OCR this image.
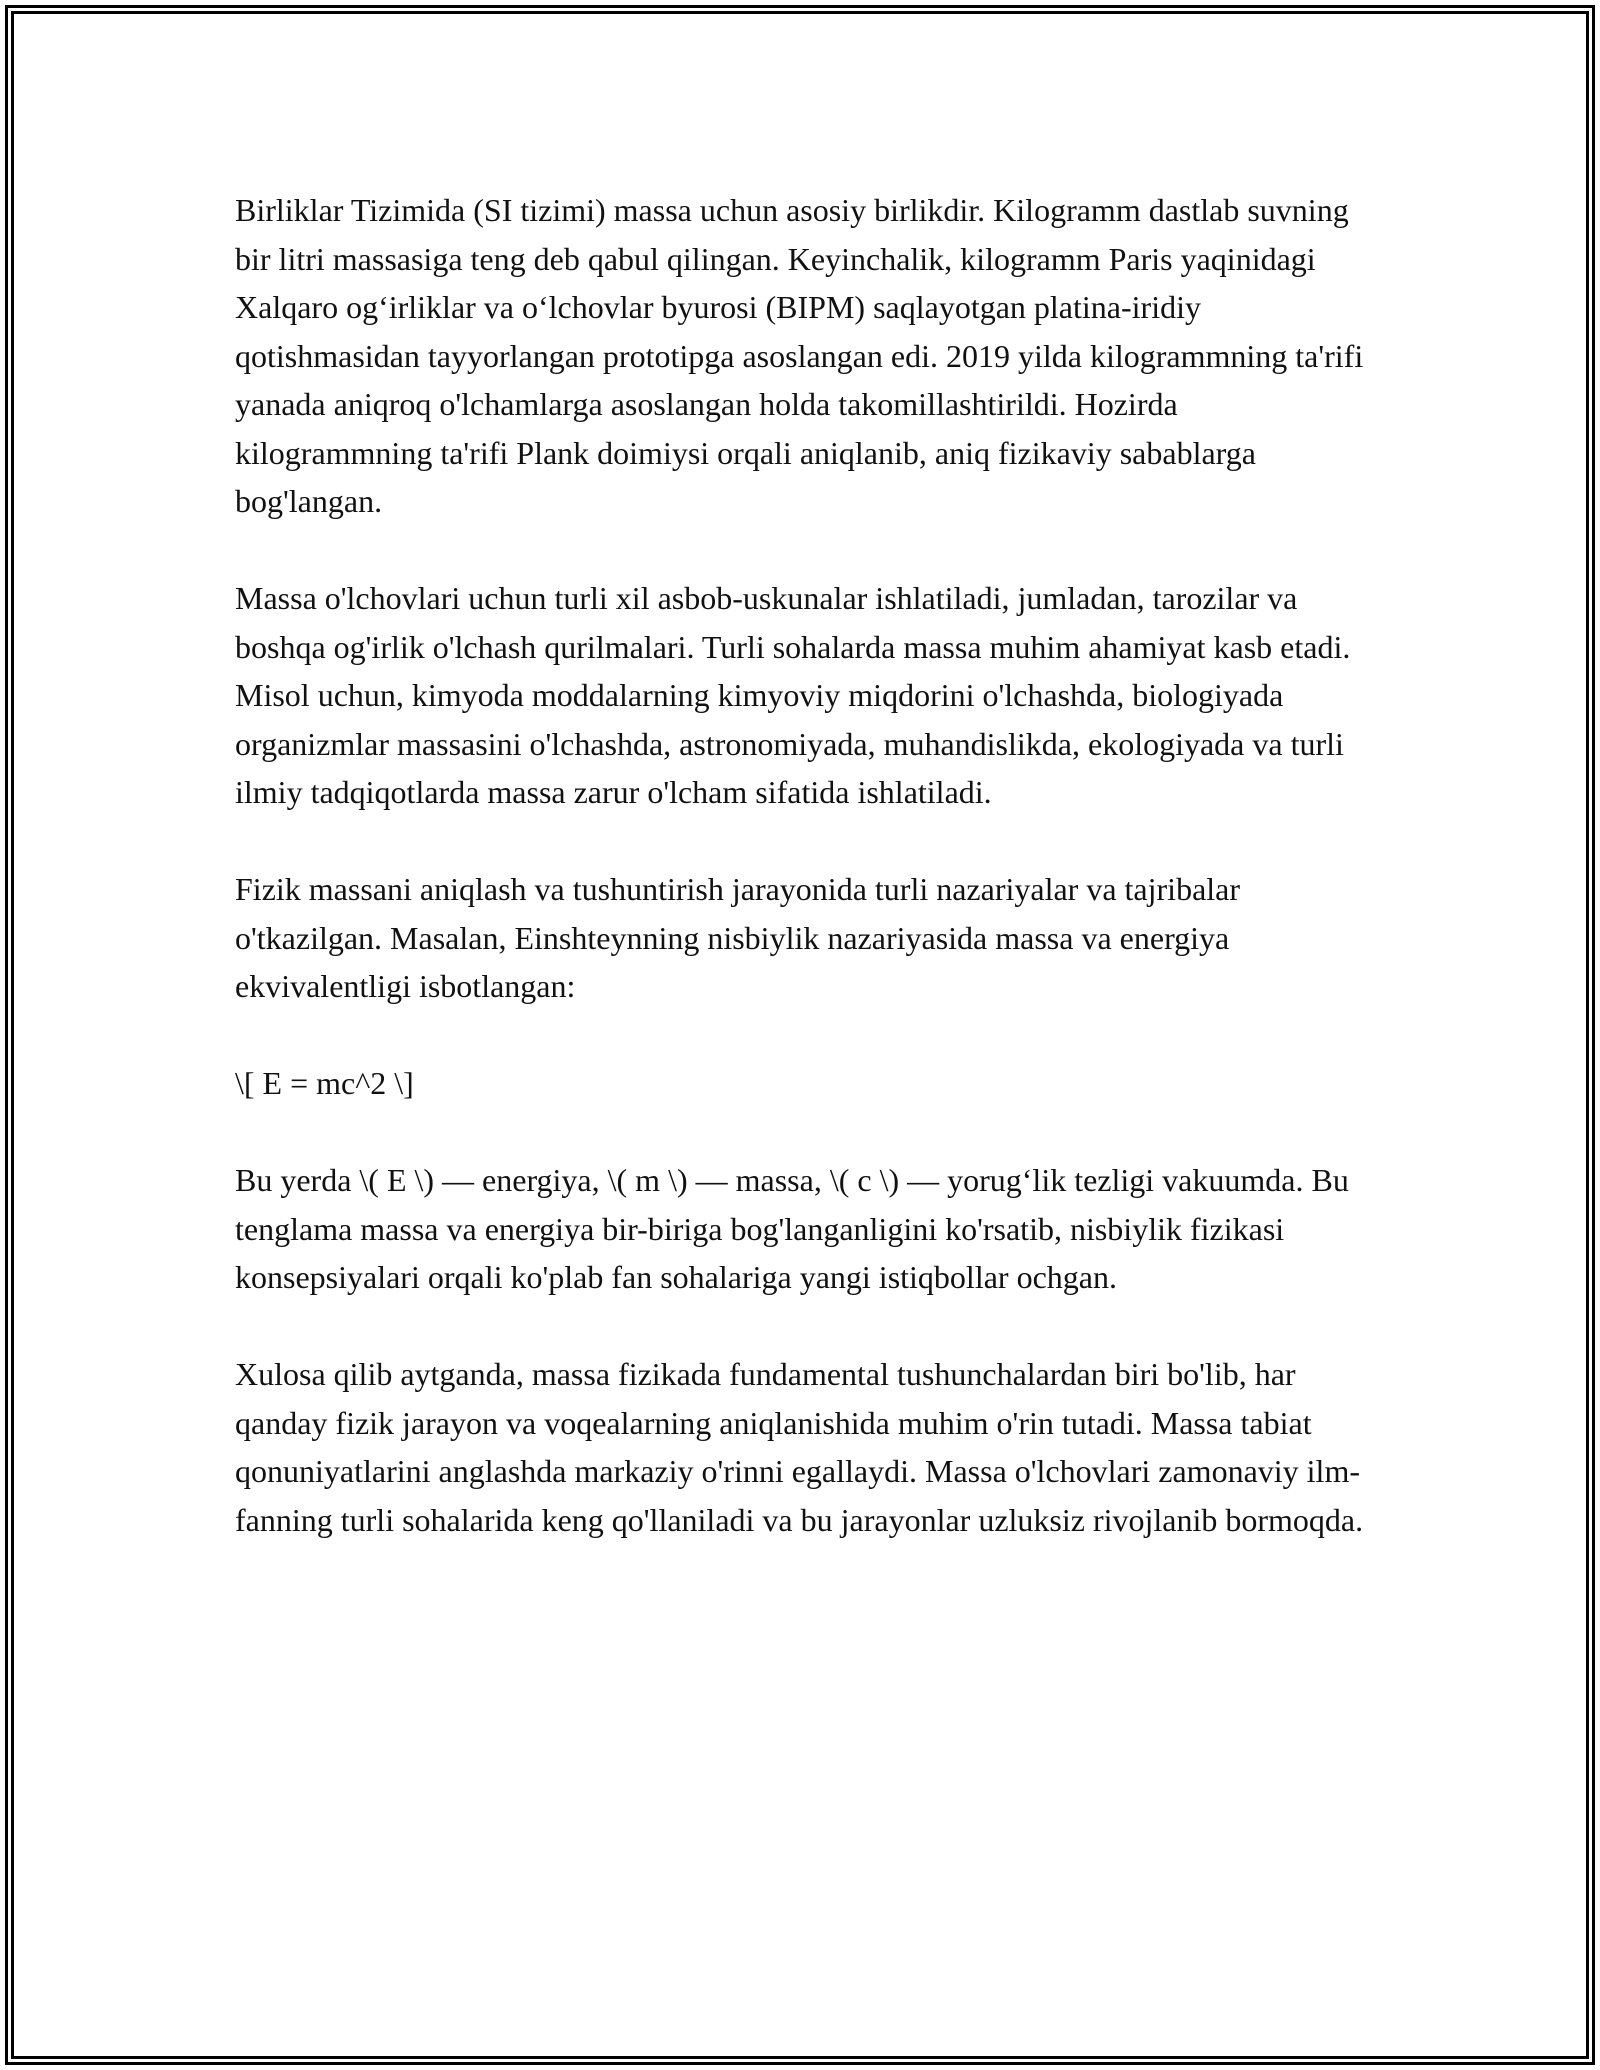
Birliklar Tizimida (SI tizimi) massa uchun asosiy birlikdir. Kilogramm dastlab suvning bir litri massasiga teng deb qabul qilingan. Keyinchalik, kilogramm Paris yaqinidagi Xalqaro og‘irliklar va o‘lchovlar byurosi (BIPM) saqlayotgan platina-iridiy qotishmasidan tayyorlangan prototipga asoslangan edi. 2019 yilda kilogrammning ta'rifi yanada aniqroq o'lchamlarga asoslangan holda takomillashtirildi. Hozirda kilogrammning ta'rifi Plank doimiysi orqali aniqlanib, aniq fizikaviy sabablarga bog'langan.

Massa o'lchovlari uchun turli xil asbob-uskunalar ishlatiladi, jumladan, tarozilar va boshqa og'irlik o'lchash qurilmalari. Turli sohalarda massa muhim ahamiyat kasb etadi. Misol uchun, kimyoda moddalarning kimyoviy miqdorini o'lchashda, biologiyada organizmlar massasini o'lchashda, astronomiyada, muhandislikda, ekologiyada va turli ilmiy tadqiqotlarda massa zarur o'lcham sifatida ishlatiladi.

Fizik massani aniqlash va tushuntirish jarayonida turli nazariyalar va tajribalar o'tkazilgan. Masalan, Einshteynning nisbiylik nazariyasida massa va energiya ekvivalentligi isbotlangan:

\[ E = mc^2 \]

Bu yerda \( E \) — energiya, \( m \) — massa, \( c \) — yorug‘lik tezligi vakuumda. Bu tenglama massa va energiya bir-biriga bog'langanligini ko'rsatib, nisbiylik fizikasi konsepsiyalari orqali ko'plab fan sohalariga yangi istiqbollar ochgan.

Xulosa qilib aytganda, massa fizikada fundamental tushunchalardan biri bo'lib, har qanday fizik jarayon va voqealarning aniqlanishida muhim o'rin tutadi. Massa tabiat qonuniyatlarini anglashda markaziy o'rinni egallaydi. Massa o'lchovlari zamonaviy ilm-fanning turli sohalarida keng qo'llaniladi va bu jarayonlar uzluksiz rivojlanib bormoqda.
